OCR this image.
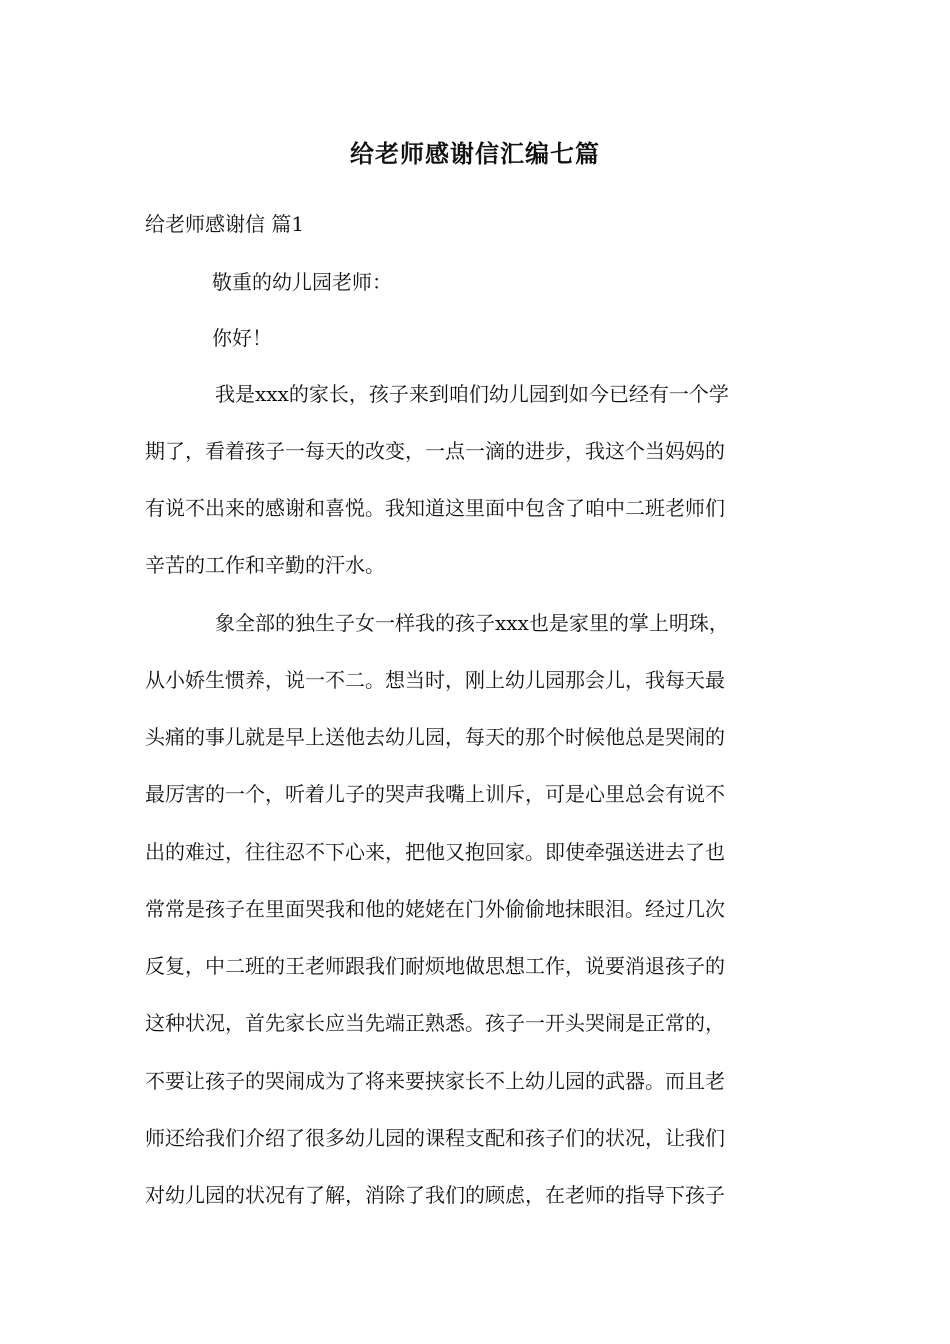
给老师感谢信汇编七篇

给老师感谢信 篇1

敬重的幼儿园老师：

你好！

我是xxx的家长，孩子来到咱们幼儿园到如今已经有一个学

期了，看着孩子一每天的改变，一点一滴的进步，我这个当妈妈的

有说不出来的感谢和喜悦。我知道这里面中包含了咱中二班老师们

辛苦的工作和辛勤的汗水。

象全部的独生子女一样我的孩子xxx也是家里的掌上明珠，

从小娇生惯养，说一不二。想当时，刚上幼儿园那会儿，我每天最

头痛的事儿就是早上送他去幼儿园，每天的那个时候他总是哭闹的

最厉害的一个，听着儿子的哭声我嘴上训斥，可是心里总会有说不

出的难过，往往忍不下心来，把他又抱回家。即使牵强送进去了也

常常是孩子在里面哭我和他的姥姥在门外偷偷地抹眼泪。经过几次

反复，中二班的王老师跟我们耐烦地做思想工作，说要消退孩子的

这种状况，首先家长应当先端正熟悉。孩子一开头哭闹是正常的，

不要让孩子的哭闹成为了将来要挟家长不上幼儿园的武器。而且老

师还给我们介绍了很多幼儿园的课程支配和孩子们的状况，让我们

对幼儿园的状况有了解，消除了我们的顾虑，在老师的指导下孩子
